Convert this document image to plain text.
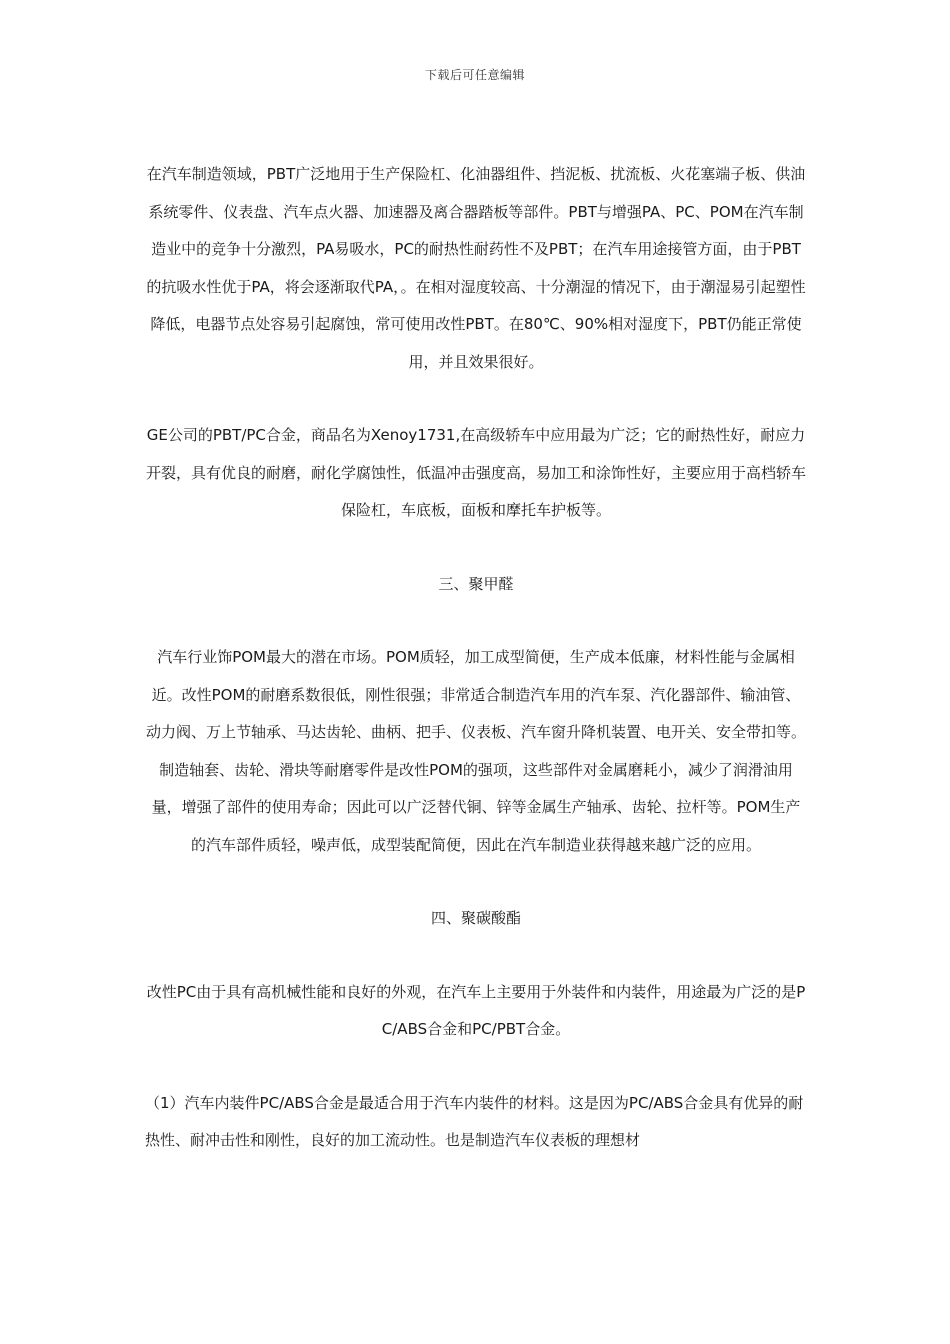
下载后可任意编辑

在汽车制造领域，PBT广泛地用于生产保险杠、化油器组件、挡泥板、扰流板、火花塞端子板、供油系统零件、仪表盘、汽车点火器、加速器及离合器踏板等部件。PBT与增强PA、PC、POM在汽车制造业中的竞争十分激烈，PA易吸水，PC的耐热性耐药性不及PBT；在汽车用途接管方面，由于PBT的抗吸水性优于PA，将会逐渐取代PA，。在相对湿度较高、十分潮湿的情况下，由于潮湿易引起塑性降低，电器节点处容易引起腐蚀，常可使用改性PBT。在80℃、90%相对湿度下，PBT仍能正常使用，并且效果很好。

GE公司的PBT/PC合金，商品名为Xenoy1731,在高级轿车中应用最为广泛；它的耐热性好，耐应力开裂，具有优良的耐磨，耐化学腐蚀性，低温冲击强度高，易加工和涂饰性好，主要应用于高档轿车保险杠，车底板，面板和摩托车护板等。

三、聚甲醛

汽车行业饰POM最大的潜在市场。POM质轻，加工成型简便，生产成本低廉，材料性能与金属相近。改性POM的耐磨系数很低，刚性很强；非常适合制造汽车用的汽车泵、汽化器部件、输油管、动力阀、万上节轴承、马达齿轮、曲柄、把手、仪表板、汽车窗升降机装置、电开关、安全带扣等。制造轴套、齿轮、滑块等耐磨零件是改性POM的强项，这些部件对金属磨耗小，减少了润滑油用量，增强了部件的使用寿命；因此可以广泛替代铜、锌等金属生产轴承、齿轮、拉杆等。POM生产的汽车部件质轻，噪声低，成型装配简便，因此在汽车制造业获得越来越广泛的应用。

四、聚碳酸酯

改性PC由于具有高机械性能和良好的外观，在汽车上主要用于外装件和内装件，用途最为广泛的是PC/ABS合金和PC/PBT合金。

（1）汽车内装件PC/ABS合金是最适合用于汽车内装件的材料。这是因为PC/ABS合金具有优异的耐热性、耐冲击性和刚性，良好的加工流动性。也是制造汽车仪表板的理想材
